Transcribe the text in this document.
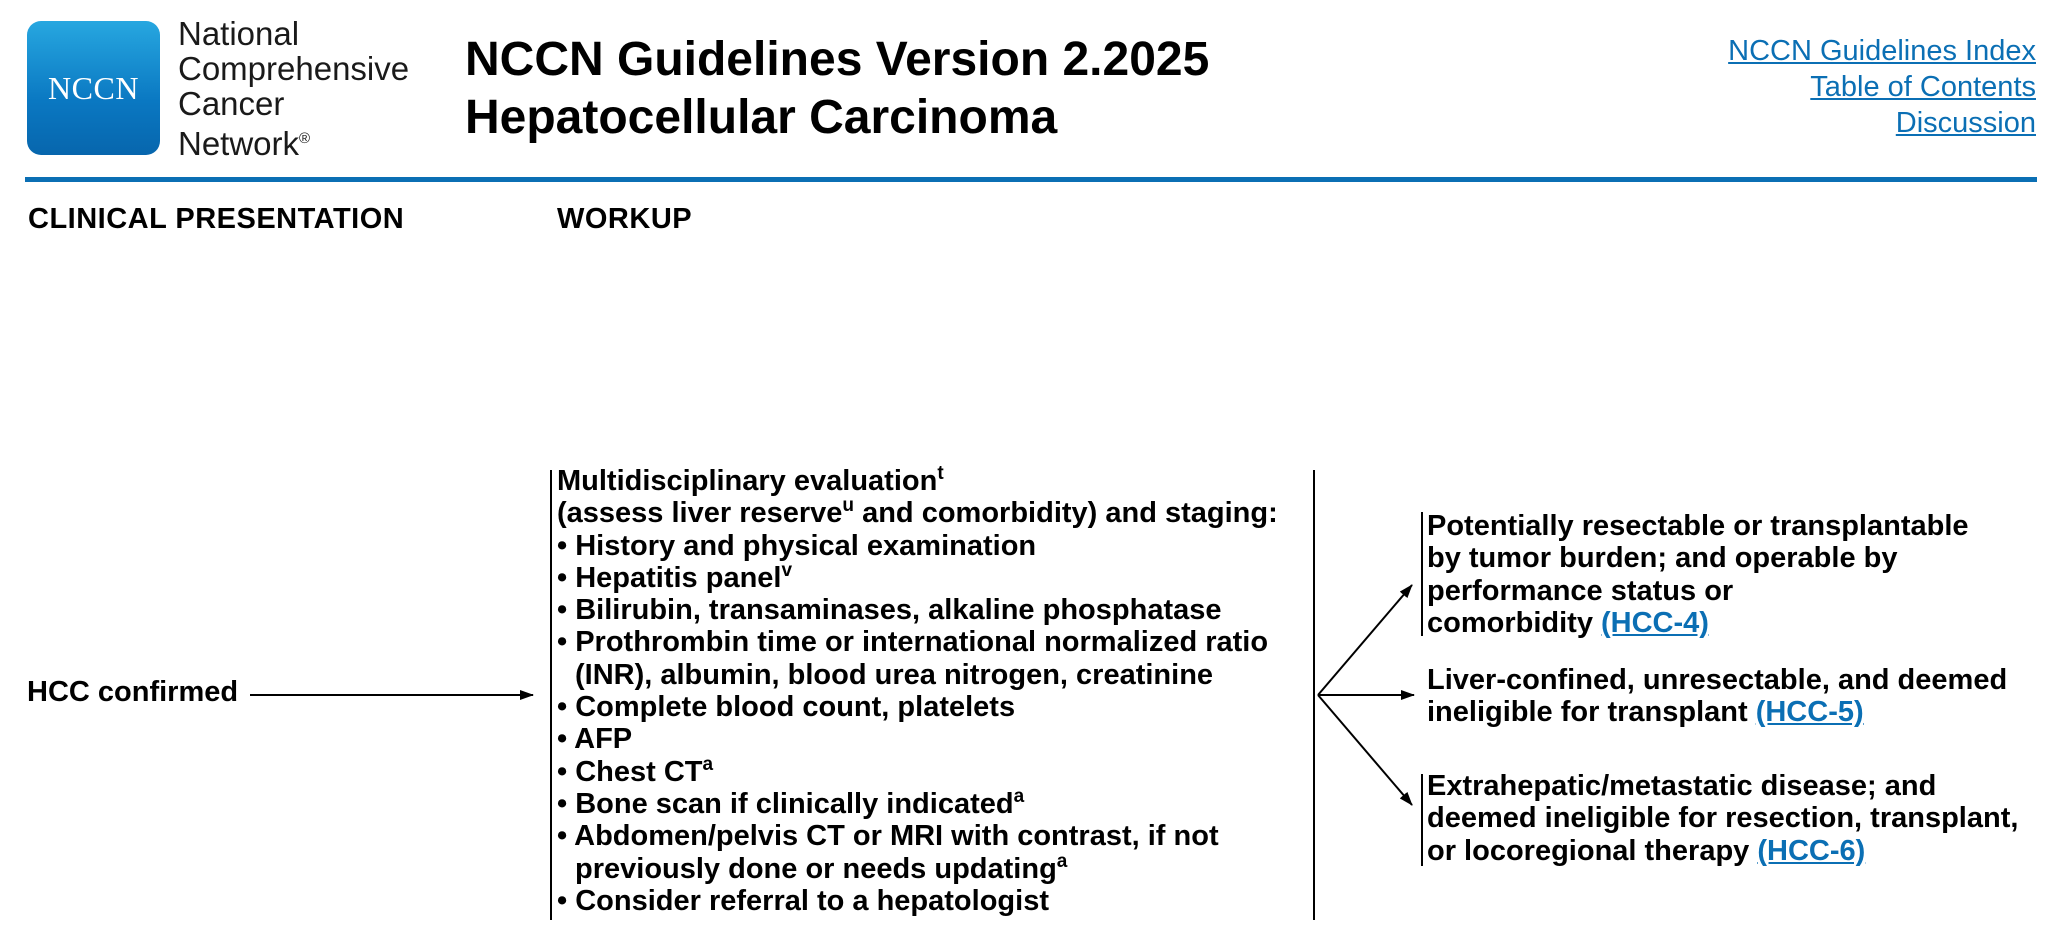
NCCN
National
Comprehensive
Cancer
Network®
NCCN Guidelines Version 2.2025
Hepatocellular Carcinoma
NCCN Guidelines Index
Table of Contents
Discussion
CLINICAL PRESENTATION	WORKUP
HCC confirmed
Multidisciplinary evaluation$^t$
(assess liver reserve$^u$ and comorbidity) and staging:
• History and physical examination
• Hepatitis panel$^v$
• Bilirubin, transaminases, alkaline phosphatase
• Prothrombin time or international normalized ratio
(INR), albumin, blood urea nitrogen, creatinine
• Complete blood count, platelets
• AFP
• Chest CT$^a$
• Bone scan if clinically indicated$^a$
• Abdomen/pelvis CT or MRI with contrast, if not
previously done or needs updating$^a$
• Consider referral to a hepatologist
Potentially resectable or transplantable
by tumor burden; and operable by
performance status or
comorbidity (HCC-4)
Liver-confined, unresectable, and deemed
ineligible for transplant (HCC-5)
Extrahepatic/metastatic disease; and
deemed ineligible for resection, transplant,
or locoregional therapy (HCC-6)
